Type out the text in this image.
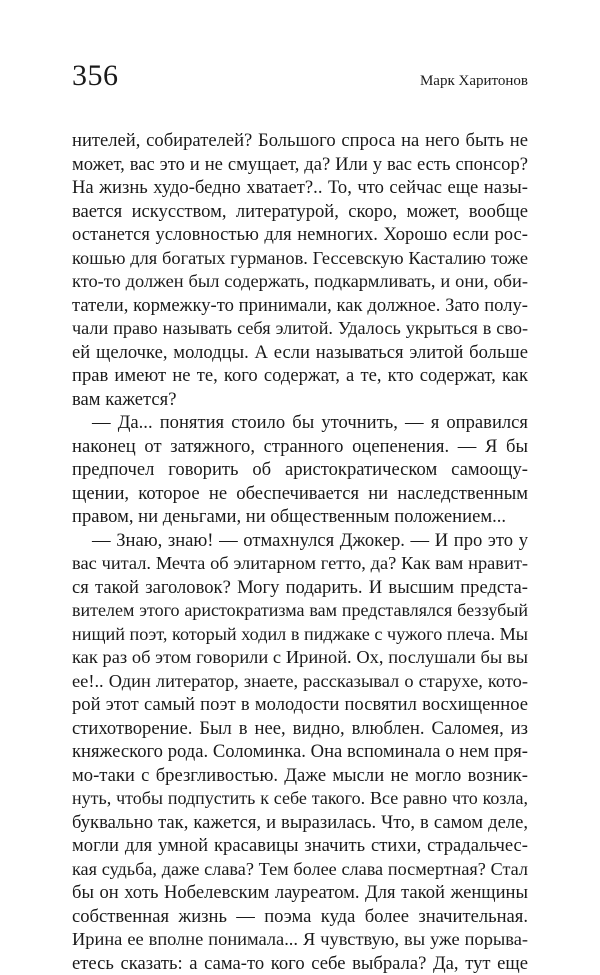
356	Марк Харитонов
нителей, собирателей? Большого спроса на него быть не
может, вас это и не смущает, да? Или у вас есть спонсор?
На жизнь худо-бедно хватает?.. То, что сейчас еще назы-
вается искусством, литературой, скоро, может, вообще
останется условностью для немногих. Хорошо если рос-
кошью для богатых гурманов. Гессевскую Касталию тоже
кто-то должен был содержать, подкармливать, и они, оби-
татели, кормежку-то принимали, как должное. Зато полу-
чали право называть себя элитой. Удалось укрыться в сво-
ей щелочке, молодцы. А если называться элитой больше
прав имеют не те, кого содержат, а те, кто содержат, как
вам кажется?
— Да... понятия стоило бы уточнить, — я оправился
наконец от затяжного, странного оцепенения. — Я бы
предпочел говорить об аристократическом самоощу-
щении, которое не обеспечивается ни наследственным
правом, ни деньгами, ни общественным положением...
— Знаю, знаю! — отмахнулся Джокер. — И про это у
вас читал. Мечта об элитарном гетто, да? Как вам нравит-
ся такой заголовок? Могу подарить. И высшим предста-
вителем этого аристократизма вам представлялся беззубый
нищий поэт, который ходил в пиджаке с чужого плеча. Мы
как раз об этом говорили с Ириной. Ох, послушали бы вы
ее!.. Один литератор, знаете, рассказывал о старухе, кото-
рой этот самый поэт в молодости посвятил восхищенное
стихотворение. Был в нее, видно, влюблен. Саломея, из
княжеского рода. Соломинка. Она вспоминала о нем пря-
мо-таки с брезгливостью. Даже мысли не могло возник-
нуть, чтобы подпустить к себе такого. Все равно что козла,
буквально так, кажется, и выразилась. Что, в самом деле,
могли для умной красавицы значить стихи, страдальчес-
кая судьба, даже слава? Тем более слава посмертная? Стал
бы он хоть Нобелевским лауреатом. Для такой женщины
собственная жизнь — поэма куда более значительная.
Ирина ее вполне понимала... Я чувствую, вы уже порыва-
етесь сказать: а сама-то кого себе выбрала? Да, тут еще
